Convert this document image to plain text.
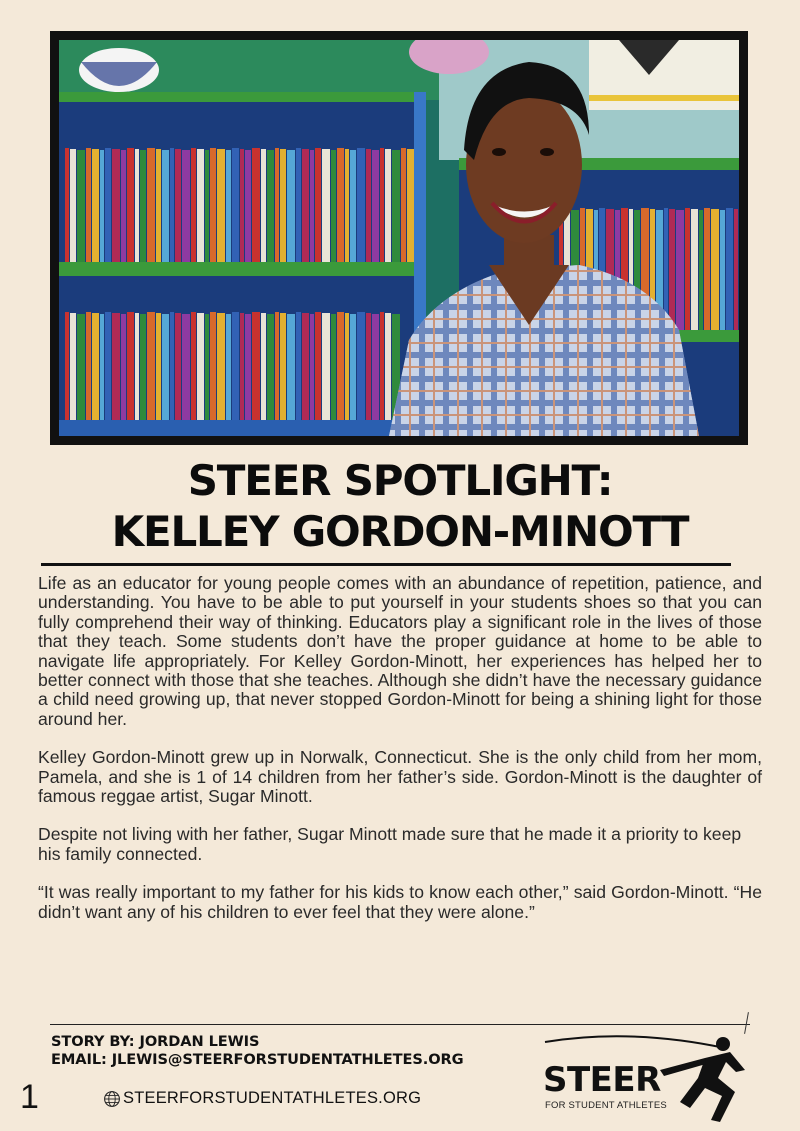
STEER SPOTLIGHT:
KELLEY GORDON-MINOTT

Life as an educator for young people comes with an abundance of repetition, patience, and understanding. You have to be able to put yourself in your students shoes so that you can fully comprehend their way of thinking. Educators play a significant role in the lives of those that they teach. Some students don’t have the proper guidance at home to be able to navigate life appropriately. For Kelley Gordon-Minott, her experiences has helped her to better connect with those that she teaches. Although she didn’t have the necessary guidance a child need growing up, that never stopped Gordon-Minott for being a shining light for those around her.

Kelley Gordon-Minott grew up in Norwalk, Connecticut. She is the only child from her mom, Pamela, and she is 1 of 14 children from her father’s side. Gordon-Minott is the daughter of famous reggae artist, Sugar Minott.

Despite not living with her father, Sugar Minott made sure that he made it a priority to keep his family connected.

“It was really important to my father for his kids to know each other,” said Gordon-Minott. “He didn’t want any of his children to ever feel that they were alone.”

STORY BY: JORDAN LEWIS
EMAIL: JLEWIS@STEERFORSTUDENTATHLETES.ORG
1	STEERFORSTUDENTATHLETES.ORG	STEER
FOR STUDENT ATHLETES
